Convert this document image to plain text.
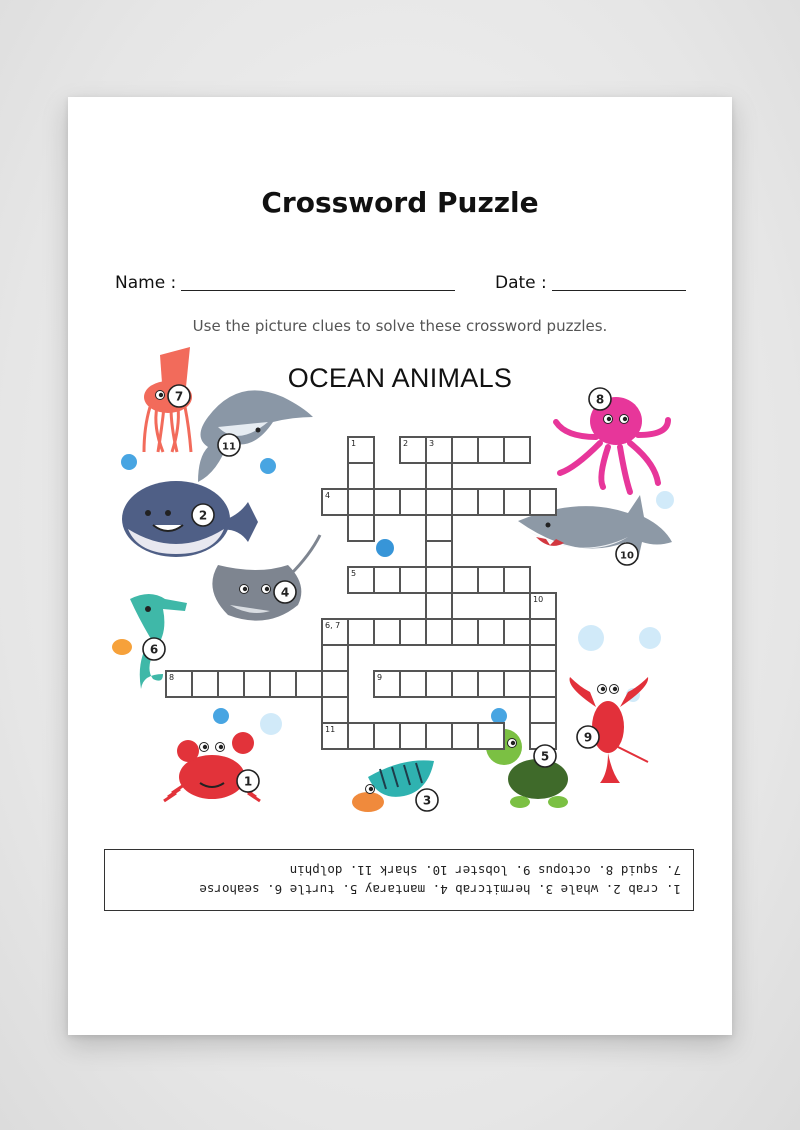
Crossword Puzzle
Name :	Date :
Use the picture clues to solve these crossword puzzles.
OCEAN ANIMALS
1	2	3
4
5
6, 7
8	9
10
11
7
11
2
4
6
1
3
5
9
10
8
1. crab 2. whale 3. hermitcrab 4. mantaray 5. turtle 6. seahorse
7. squid 8. octopus 9. lobster 10. shark 11. dolphin
